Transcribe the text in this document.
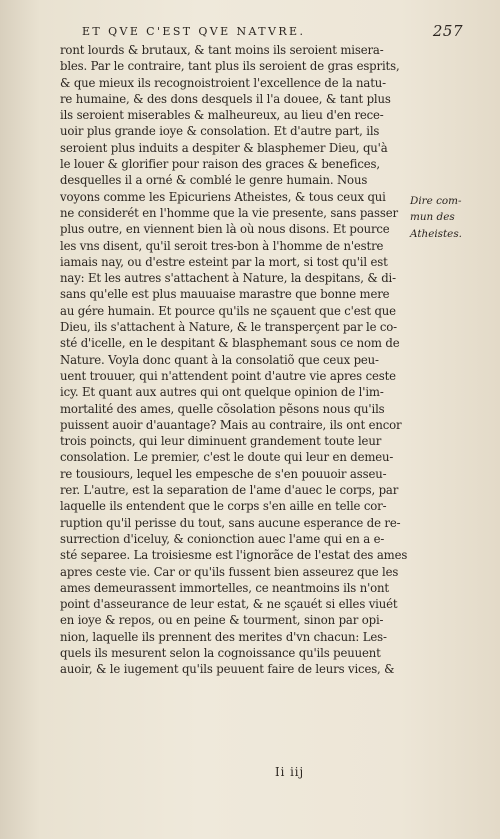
ET QVE C'EST QVE NATVRE.	257
ront lourds & brutaux, & tant moins ils seroient misera-
bles. Par le contraire, tant plus ils seroient de gras esprits,
& que mieux ils recognoistroient l'excellence de la natu-
re humaine, & des dons desquels il l'a douee, & tant plus
ils seroient miserables & malheureux, au lieu d'en rece-
uoir plus grande ioye & consolation. Et d'autre part, ils
seroient plus induits a despiter & blasphemer Dieu, qu'à
le louer & glorifier pour raison des graces & benefices,
desquelles il a orné & comblé le genre humain. Nous
voyons comme les Epicuriens Atheistes, & tous ceux qui
ne considerét en l'homme que la vie presente, sans passer
plus outre, en viennent bien là où nous disons. Et pource
les vns disent, qu'il seroit tres-bon à l'homme de n'estre
iamais nay, ou d'estre esteint par la mort, si tost qu'il est
nay: Et les autres s'attachent à Nature, la despitans, & di-
sans qu'elle est plus mauuaise marastre que bonne mere
au gére humain. Et pource qu'ils ne sçauent que c'est que
Dieu, ils s'attachent à Nature, & le transperçent par le co-
sté d'icelle, en le despitant & blasphemant sous ce nom de
Nature. Voyla donc quant à la consolatiõ que ceux peu-
uent trouuer, qui n'attendent point d'autre vie apres ceste
icy. Et quant aux autres qui ont quelque opinion de l'im-
mortalité des ames, quelle cõsolation pẽsons nous qu'ils
puissent auoir d'auantage? Mais au contraire, ils ont encor
trois poincts, qui leur diminuent grandement toute leur
consolation. Le premier, c'est le doute qui leur en demeu-
re tousiours, lequel les empesche de s'en pouuoir asseu-
rer. L'autre, est la separation de l'ame d'auec le corps, par
laquelle ils entendent que le corps s'en aille en telle cor-
ruption qu'il perisse du tout, sans aucune esperance de re-
surrection d'iceluy, & conionction auec l'ame qui en a e-
sté separee. La troisiesme est l'ignorãce de l'estat des ames
apres ceste vie. Car or qu'ils fussent bien asseurez que les
ames demeurassent immortelles, ce neantmoins ils n'ont
point d'asseurance de leur estat, & ne sçauét si elles viuét
en ioye & repos, ou en peine & tourment, sinon par opi-
nion, laquelle ils prennent des merites d'vn chacun: Les-
quels ils mesurent selon la cognoissance qu'ils peuuent
auoir, & le iugement qu'ils peuuent faire de leurs vices, &
Dire com-
mun des
Atheistes.
Ii iij
